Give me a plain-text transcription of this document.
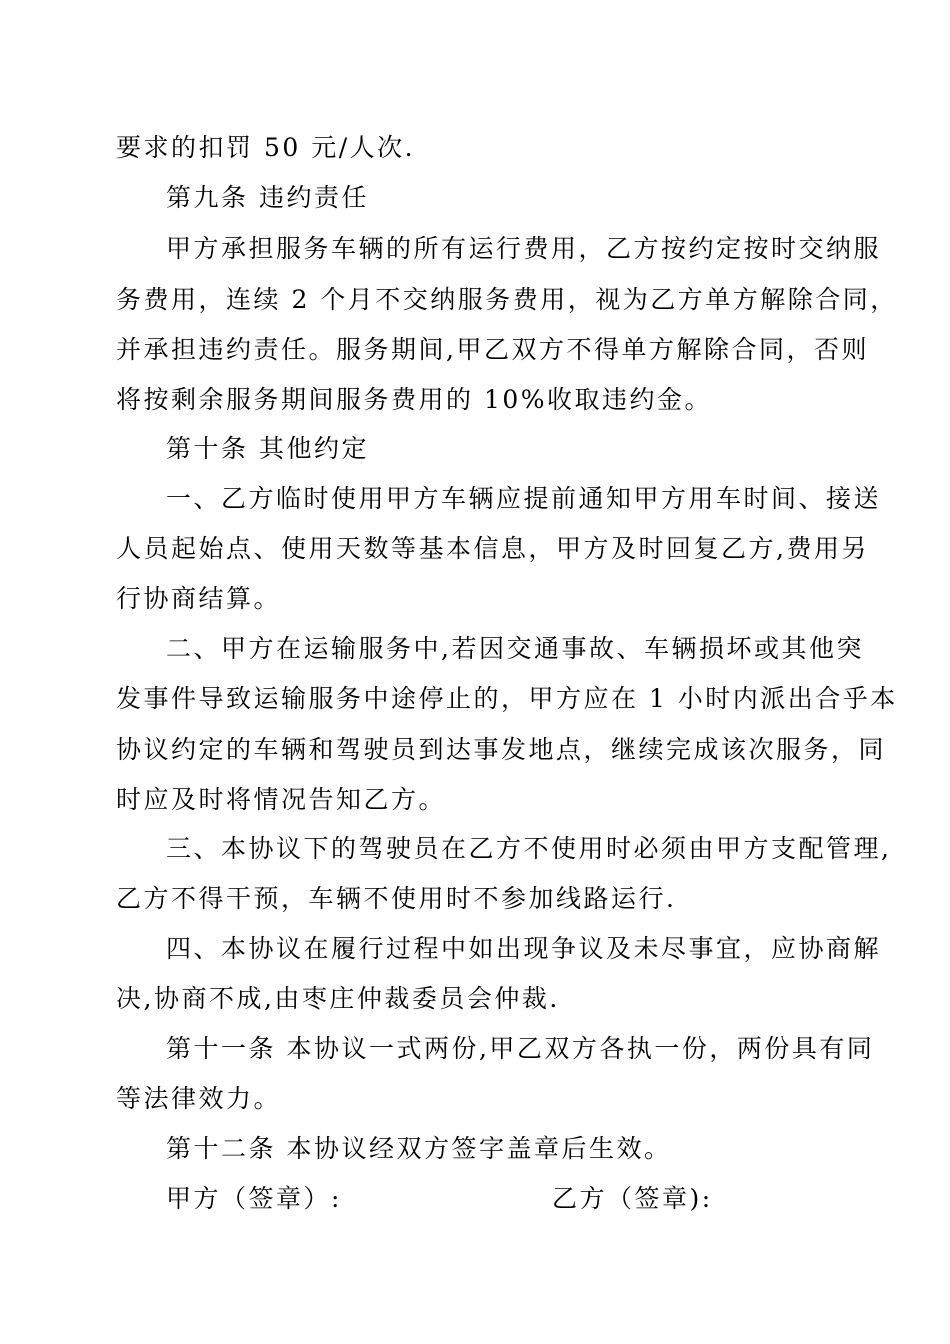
要求的扣罚 50 元/人次.
第九条 违约责任
甲方承担服务车辆的所有运行费用，乙方按约定按时交纳服
务费用，连续 2 个月不交纳服务费用，视为乙方单方解除合同，
并承担违约责任。服务期间,甲乙双方不得单方解除合同，否则
将按剩余服务期间服务费用的 10%收取违约金。
第十条 其他约定
一、乙方临时使用甲方车辆应提前通知甲方用车时间、接送
人员起始点、使用天数等基本信息，甲方及时回复乙方,费用另
行协商结算。
二、甲方在运输服务中,若因交通事故、车辆损坏或其他突
发事件导致运输服务中途停止的，甲方应在 1 小时内派出合乎本
协议约定的车辆和驾驶员到达事发地点，继续完成该次服务，同
时应及时将情况告知乙方。
三、本协议下的驾驶员在乙方不使用时必须由甲方支配管理,
乙方不得干预，车辆不使用时不参加线路运行.
四、本协议在履行过程中如出现争议及未尽事宜，应协商解
决,协商不成,由枣庄仲裁委员会仲裁.
第十一条 本协议一式两份,甲乙双方各执一份，两份具有同
等法律效力。
第十二条 本协议经双方签字盖章后生效。
甲方（签章）:	乙方（签章):
